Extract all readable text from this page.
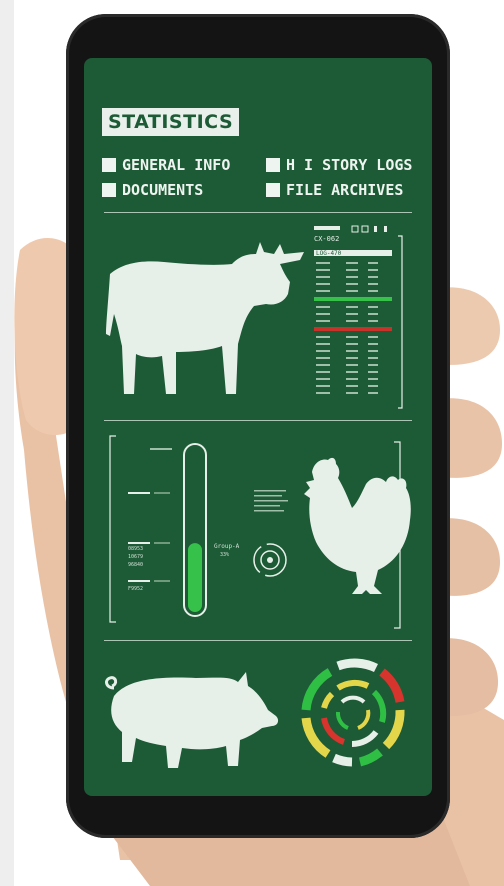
STATISTICS
GENERAL INFO	H I STORY LOGS
DOCUMENTS	FILE ARCHIVES
CX-062
LOG-470
08953
10679
96840
F9952
Group-A
33%
